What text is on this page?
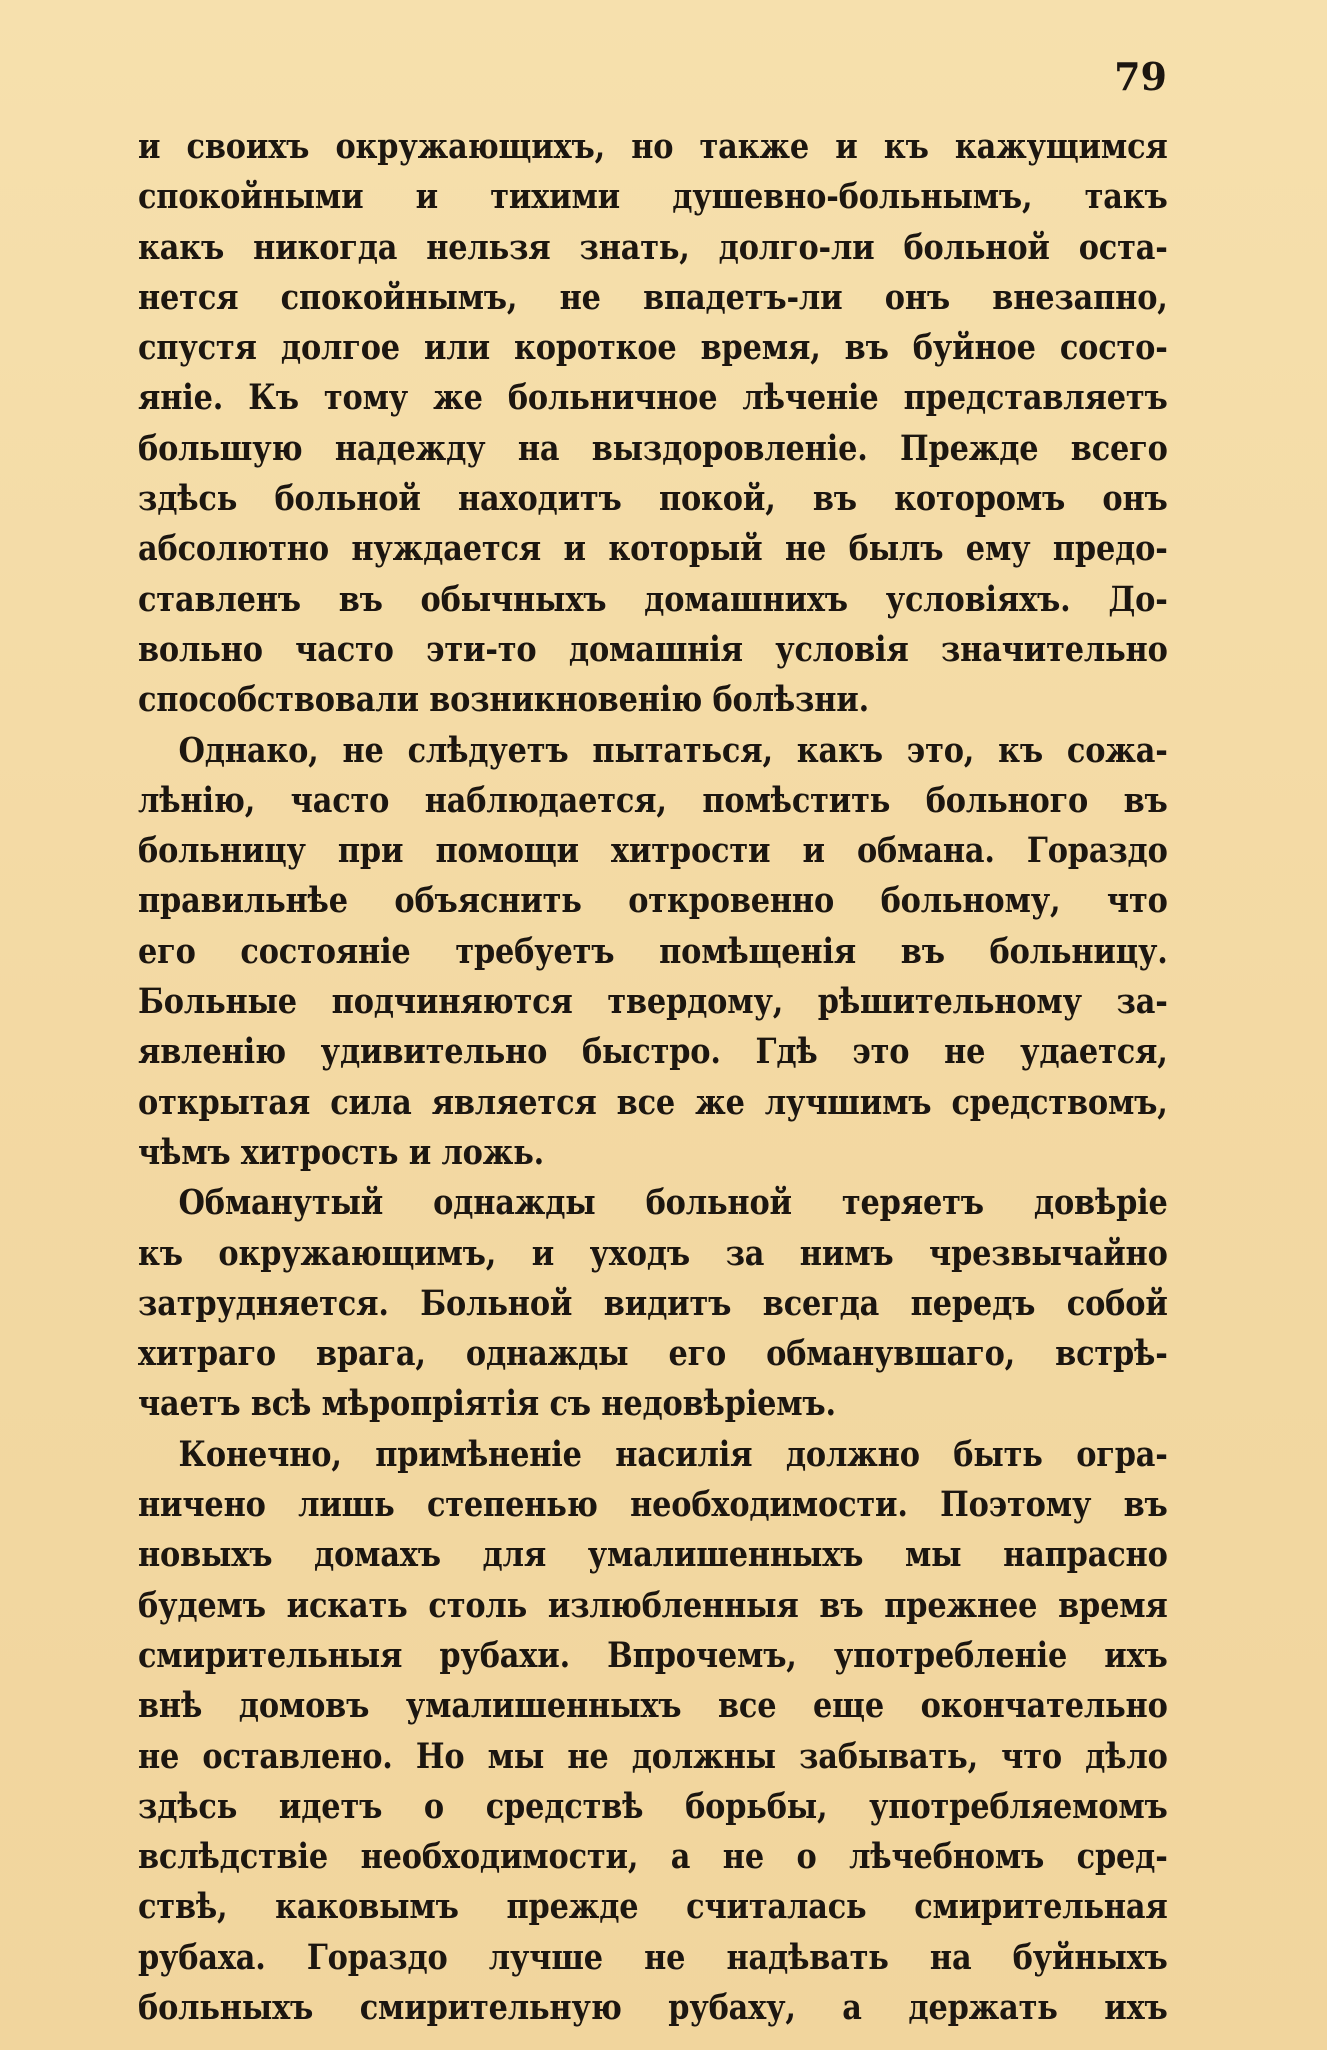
79
и своихъ окружающихъ, но также и къ кажущимся
спокойными и тихими душевно-больнымъ, такъ
какъ никогда нельзя знать, долго-ли больной оста-
нется спокойнымъ, не впадетъ-ли онъ внезапно,
спустя долгое или короткое время, въ буйное состо-
яніе. Къ тому же больничное лѣченіе представляетъ
большую надежду на выздоровленіе. Прежде всего
здѣсь больной находитъ покой, въ которомъ онъ
абсолютно нуждается и который не былъ ему предо-
ставленъ въ обычныхъ домашнихъ условіяхъ. До-
вольно часто эти-то домашнія условія значительно
способствовали возникновенію болѣзни.
Однако, не слѣдуетъ пытаться, какъ это, къ сожа-
лѣнію, часто наблюдается, помѣстить больного въ
больницу при помощи хитрости и обмана. Гораздо
правильнѣе объяснить откровенно больному, что
его состояніе требуетъ помѣщенія въ больницу.
Больные подчиняются твердому, рѣшительному за-
явленію удивительно быстро. Гдѣ это не удается,
открытая сила является все же лучшимъ средствомъ,
чѣмъ хитрость и ложь.
Обманутый однажды больной теряетъ довѣріе
къ окружающимъ, и уходъ за нимъ чрезвычайно
затрудняется. Больной видитъ всегда передъ собой
хитраго врага, однажды его обманувшаго, встрѣ-
чаетъ всѣ мѣропріятія съ недовѣріемъ.
Конечно, примѣненіе насилія должно быть огра-
ничено лишь степенью необходимости. Поэтому въ
новыхъ домахъ для умалишенныхъ мы напрасно
будемъ искать столь излюбленныя въ прежнее время
смирительныя рубахи. Впрочемъ, употребленіе ихъ
внѣ домовъ умалишенныхъ все еще окончательно
не оставлено. Но мы не должны забывать, что дѣло
здѣсь идетъ о средствѣ борьбы, употребляемомъ
вслѣдствіе необходимости, а не о лѣчебномъ сред-
ствѣ, каковымъ прежде считалась смирительная
рубаха. Гораздо лучше не надѣвать на буйныхъ
больныхъ смирительную рубаху, а держать ихъ
